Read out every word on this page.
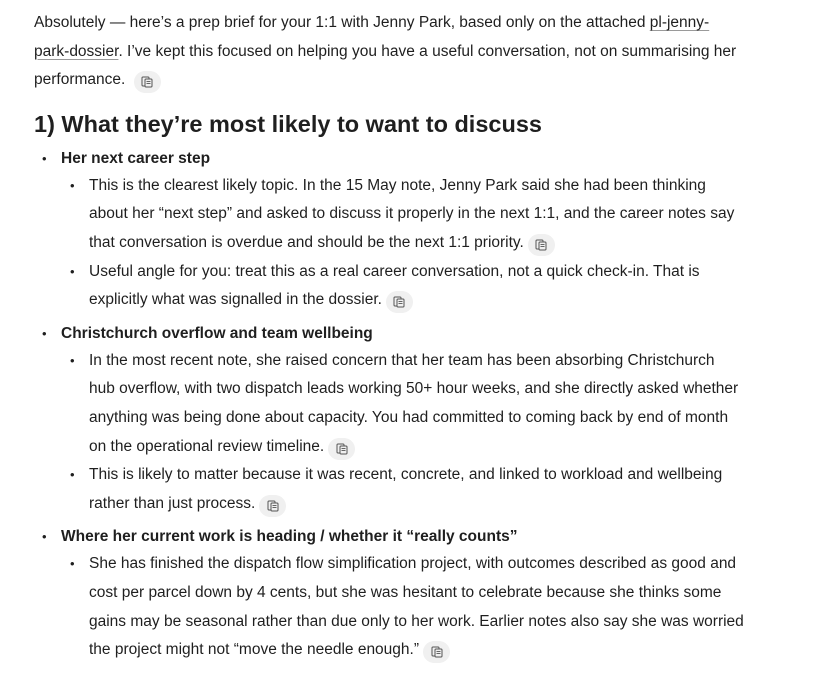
Absolutely — here’s a prep brief for your 1:1 with Jenny Park, based only on the attached pl-jenny-park-dossier. I’ve kept this focused on helping you have a useful conversation, not on summarising her performance.

1) What they’re most likely to want to discuss
• Her next career step
• This is the clearest likely topic. In the 15 May note, Jenny Park said she had been thinking about her “next step” and asked to discuss it properly in the next 1:1, and the career notes say that conversation is overdue and should be the next 1:1 priority.
• Useful angle for you: treat this as a real career conversation, not a quick check-in. That is explicitly what was signalled in the dossier.
• Christchurch overflow and team wellbeing
• In the most recent note, she raised concern that her team has been absorbing Christchurch hub overflow, with two dispatch leads working 50+ hour weeks, and she directly asked whether anything was being done about capacity. You had committed to coming back by end of month on the operational review timeline.
• This is likely to matter because it was recent, concrete, and linked to workload and wellbeing rather than just process.
• Where her current work is heading / whether it “really counts”
• She has finished the dispatch flow simplification project, with outcomes described as good and cost per parcel down by 4 cents, but she was hesitant to celebrate because she thinks some gains may be seasonal rather than due only to her work. Earlier notes also say she was worried the project might not “move the needle enough.”
